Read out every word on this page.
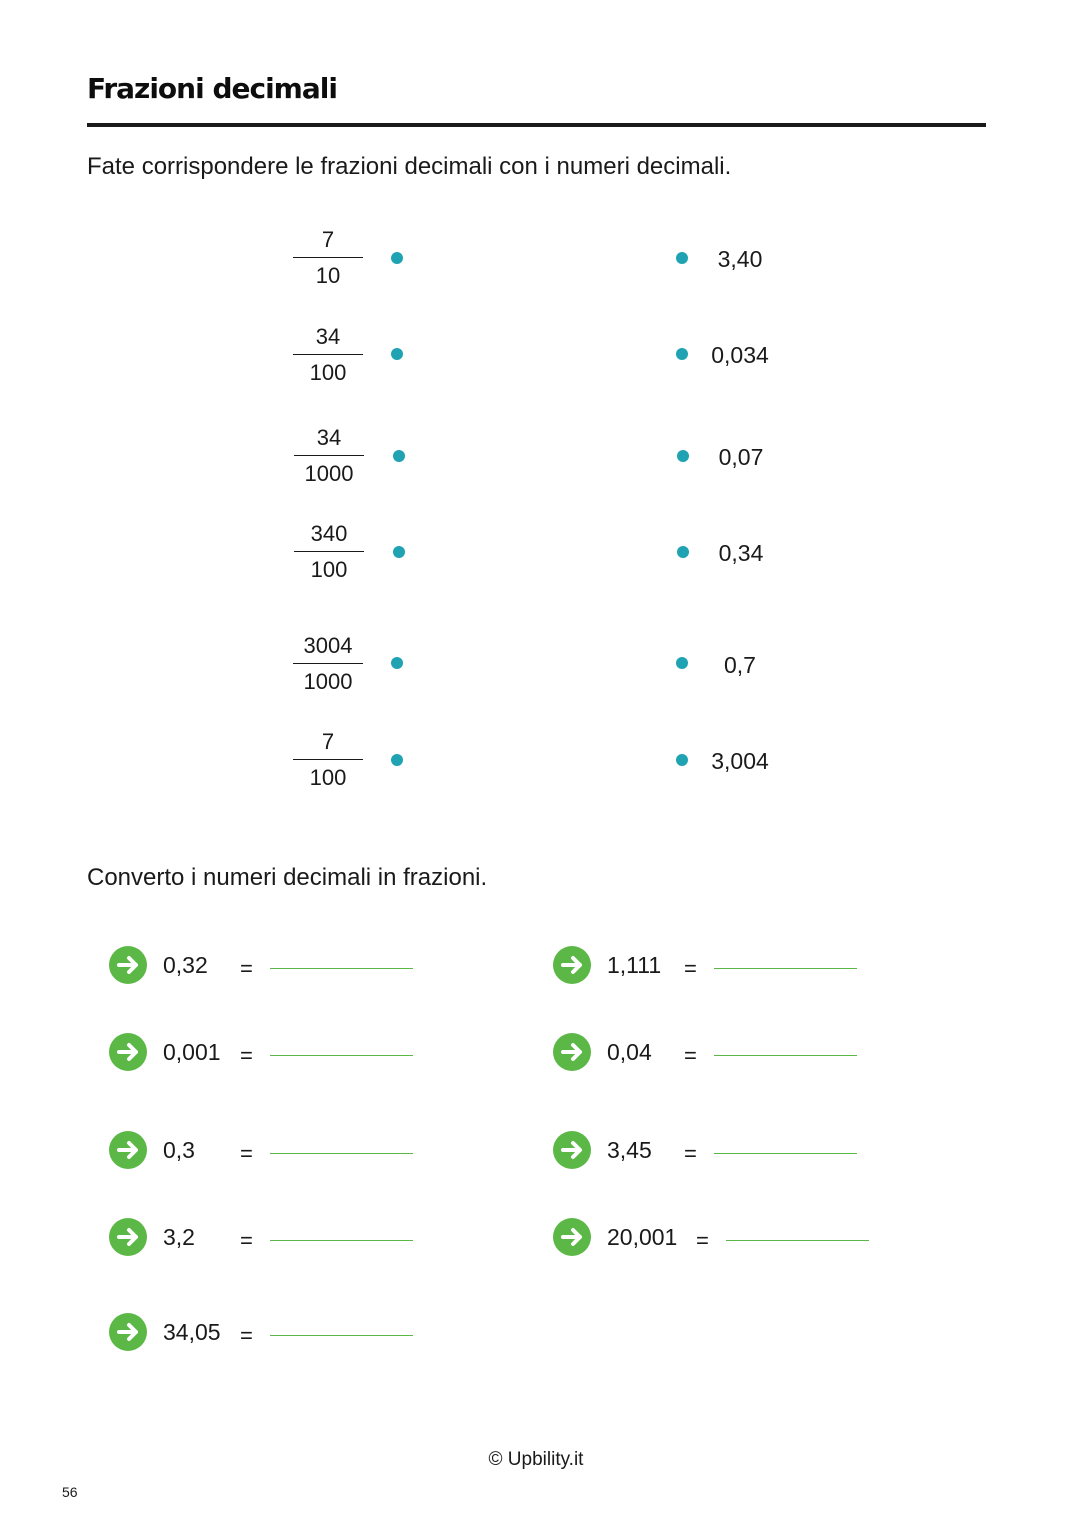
Frazioni decimali
Fate corrispondere le frazioni decimali con i numeri decimali.
7
10
34
100
34
1000
340
100
3004
1000
7
100
3,40
0,034
0,07
0,34
0,7
3,004
Converto i numeri decimali in frazioni.
0,32 =
0,001 =
0,3 =
3,2 =
34,05 =
1,111 =
0,04 =
3,45 =
20,001 =
© Upbility.it
56
